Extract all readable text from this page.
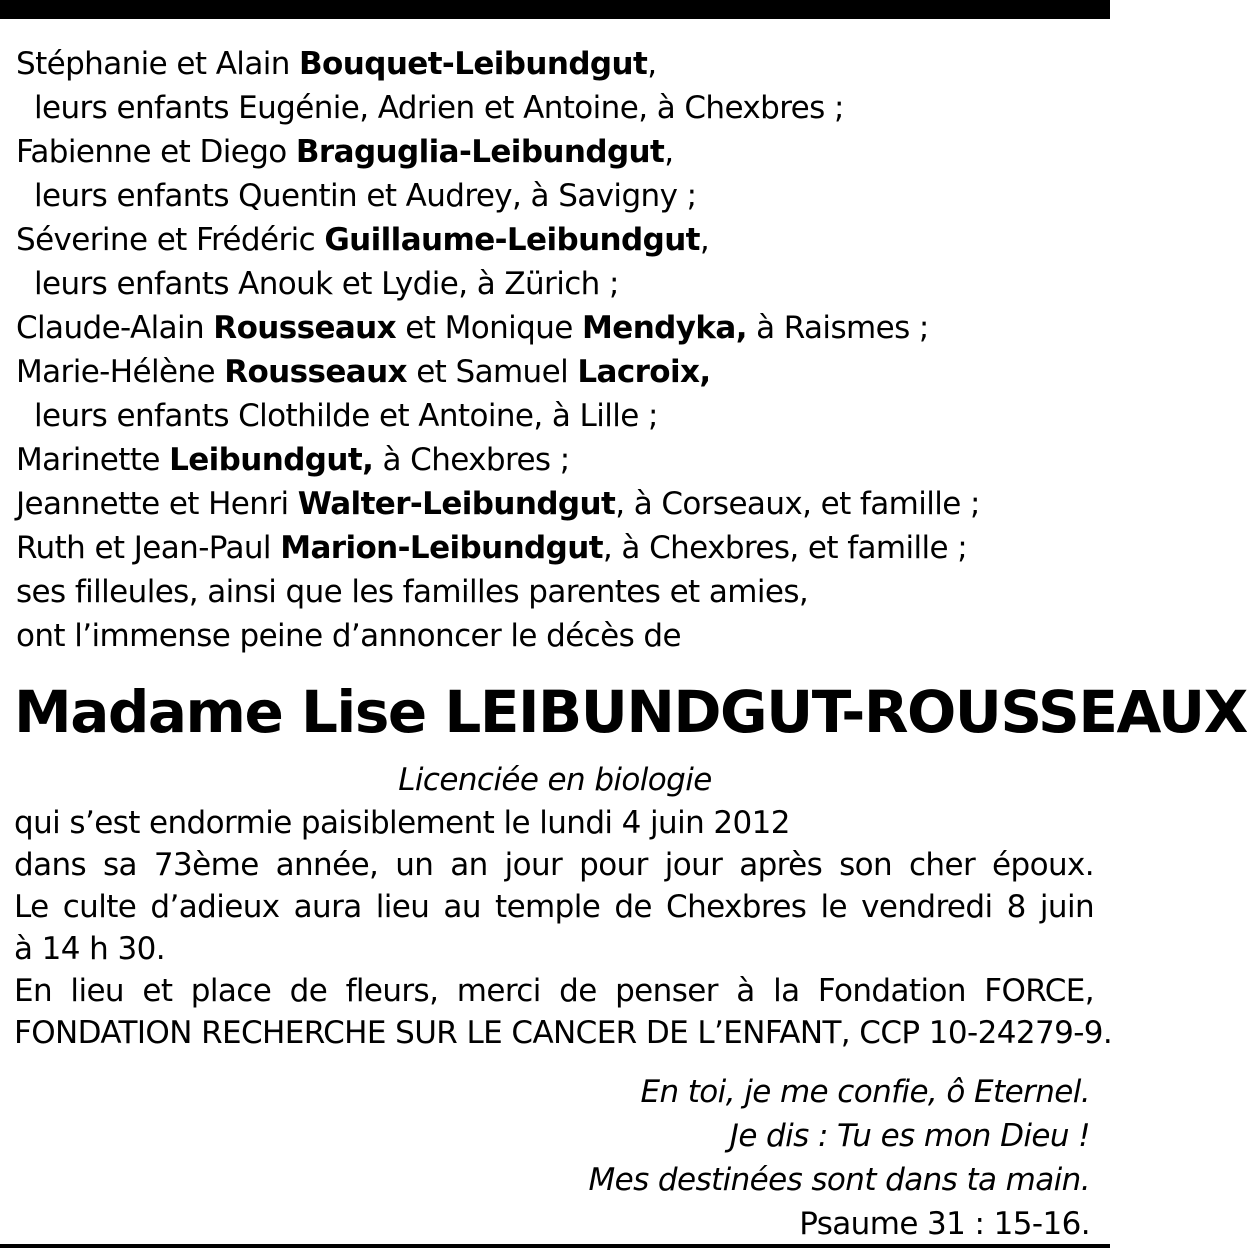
Stéphanie et Alain Bouquet-Leibundgut,
leurs enfants Eugénie, Adrien et Antoine, à Chexbres ;
Fabienne et Diego Braguglia-Leibundgut,
leurs enfants Quentin et Audrey, à Savigny ;
Séverine et Frédéric Guillaume-Leibundgut,
leurs enfants Anouk et Lydie, à Zürich ;
Claude-Alain Rousseaux et Monique Mendyka, à Raismes ;
Marie-Hélène Rousseaux et Samuel Lacroix,
leurs enfants Clothilde et Antoine, à Lille ;
Marinette Leibundgut, à Chexbres ;
Jeannette et Henri Walter-Leibundgut, à Corseaux, et famille ;
Ruth et Jean-Paul Marion-Leibundgut, à Chexbres, et famille ;
ses filleules, ainsi que les familles parentes et amies,
ont l’immense peine d’annoncer le décès de
Madame Lise LEIBUNDGUT-ROUSSEAUX
Licenciée en biologie
qui s’est endormie paisiblement le lundi 4 juin 2012
dans sa 73ème année, un an jour pour jour après son cher époux.
Le culte d’adieux aura lieu au temple de Chexbres le vendredi 8 juin
à 14 h 30.
En lieu et place de fleurs, merci de penser à la Fondation FORCE,
FONDATION RECHERCHE SUR LE CANCER DE L’ENFANT, CCP 10-24279-9.
En toi, je me confie, ô Eternel.
Je dis : Tu es mon Dieu !
Mes destinées sont dans ta main.
Psaume 31 : 15-16.
